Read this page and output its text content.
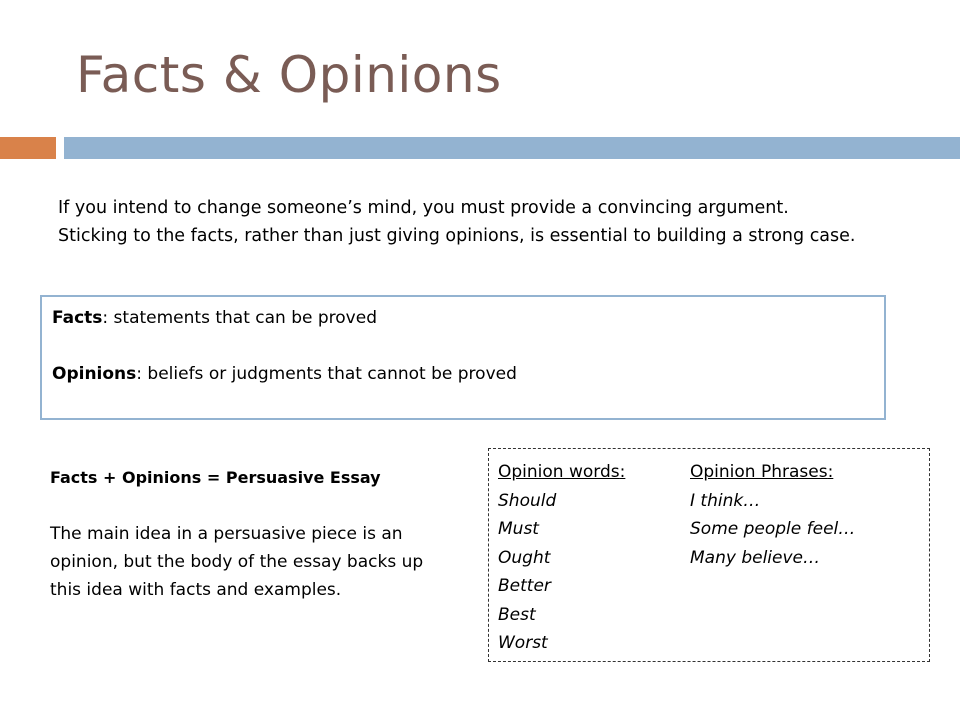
Facts & Opinions
If you intend to change someone’s mind, you must provide a convincing argument. Sticking to the facts, rather than just giving opinions, is essential to building a strong case.
Facts: statements that can be proved
Opinions: beliefs or judgments that cannot be proved
Facts + Opinions = Persuasive Essay
The main idea in a persuasive piece is an opinion, but the body of the essay backs up this idea with facts and examples.
Opinion words:
Should
Must
Ought
Better
Best
Worst
Opinion Phrases:
I think…
Some people feel…
Many believe…
